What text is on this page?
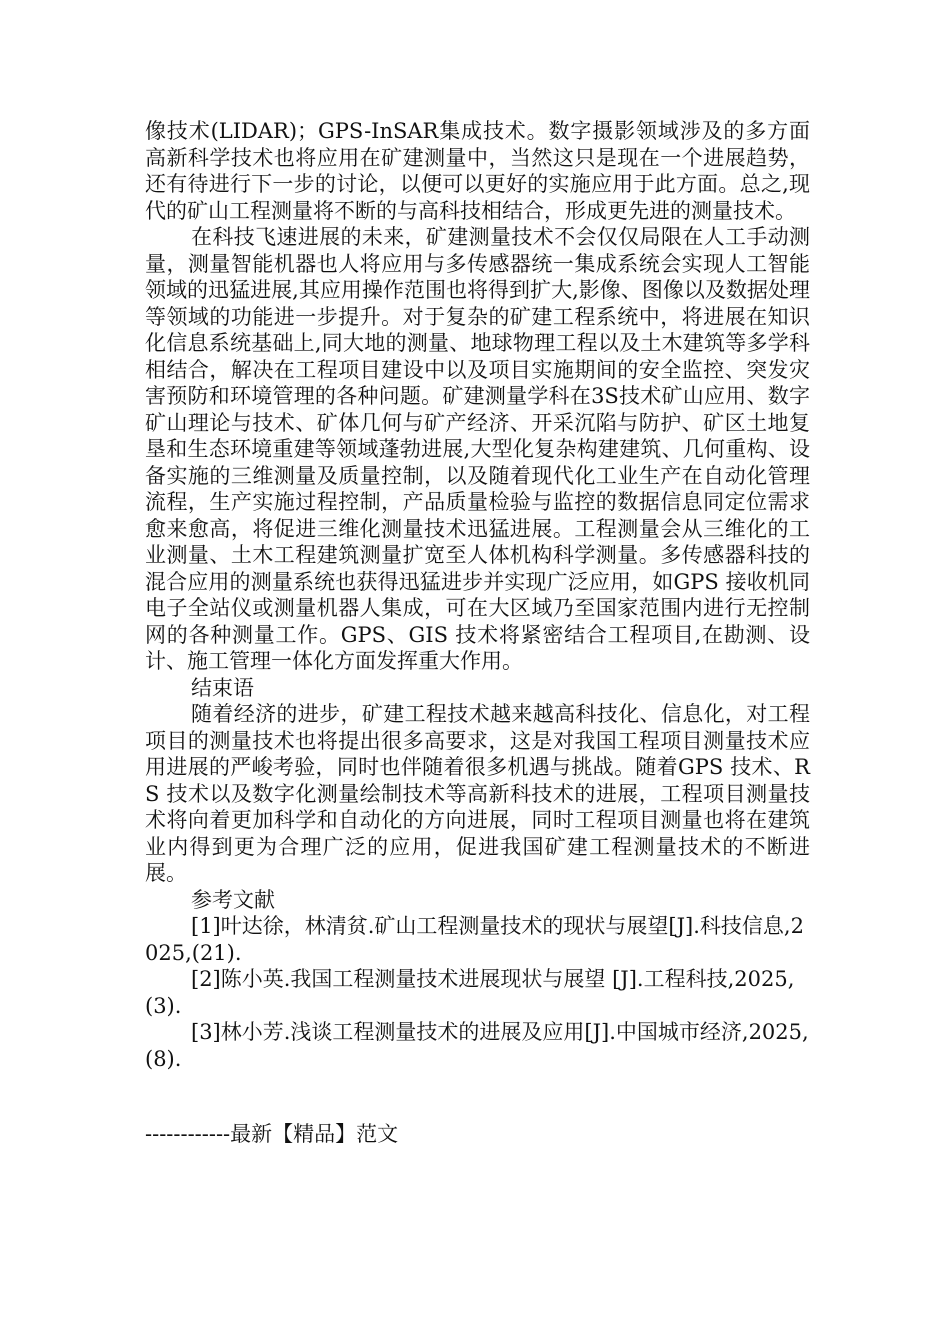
像技术(LIDAR)；GPS-InSAR集成技术。数字摄影领域涉及的多方面高新科学技术也将应用在矿建测量中，当然这只是现在一个进展趋势，还有待进行下一步的讨论，以便可以更好的实施应用于此方面。总之,现代的矿山工程测量将不断的与高科技相结合，形成更先进的测量技术。

在科技飞速进展的未来，矿建测量技术不会仅仅局限在人工手动测量，测量智能机器也人将应用与多传感器统一集成系统会实现人工智能领域的迅猛进展,其应用操作范围也将得到扩大,影像、图像以及数据处理等领域的功能进一步提升。对于复杂的矿建工程系统中，将进展在知识化信息系统基础上,同大地的测量、地球物理工程以及土木建筑等多学科相结合，解决在工程项目建设中以及项目实施期间的安全监控、突发灾害预防和环境管理的各种问题。矿建测量学科在3S技术矿山应用、数字矿山理论与技术、矿体几何与矿产经济、开采沉陷与防护、矿区土地复垦和生态环境重建等领域蓬勃进展,大型化复杂构建建筑、几何重构、设备实施的三维测量及质量控制，以及随着现代化工业生产在自动化管理流程，生产实施过程控制，产品质量检验与监控的数据信息同定位需求愈来愈高，将促进三维化测量技术迅猛进展。工程测量会从三维化的工业测量、土木工程建筑测量扩宽至人体机构科学测量。多传感器科技的混合应用的测量系统也获得迅猛进步并实现广泛应用，如GPS 接收机同电子全站仪或测量机器人集成，可在大区域乃至国家范围内进行无控制网的各种测量工作。GPS、GIS 技术将紧密结合工程项目,在勘测、设计、施工管理一体化方面发挥重大作用。

结束语

随着经济的进步，矿建工程技术越来越高科技化、信息化，对工程项目的测量技术也将提出很多高要求，这是对我国工程项目测量技术应用进展的严峻考验，同时也伴随着很多机遇与挑战。随着GPS 技术、RS 技术以及数字化测量绘制技术等高新科技术的进展，工程项目测量技术将向着更加科学和自动化的方向进展，同时工程项目测量也将在建筑业内得到更为合理广泛的应用，促进我国矿建工程测量技术的不断进展。

参考文献

[1]叶达徐，林清贫.矿山工程测量技术的现状与展望[J].科技信息,2025,(21).

[2]陈小英.我国工程测量技术进展现状与展望 [J].工程科技,2025,(3).

[3]林小芳.浅谈工程测量技术的进展及应用[J].中国城市经济,2025,(8).

------------最新【精品】范文
